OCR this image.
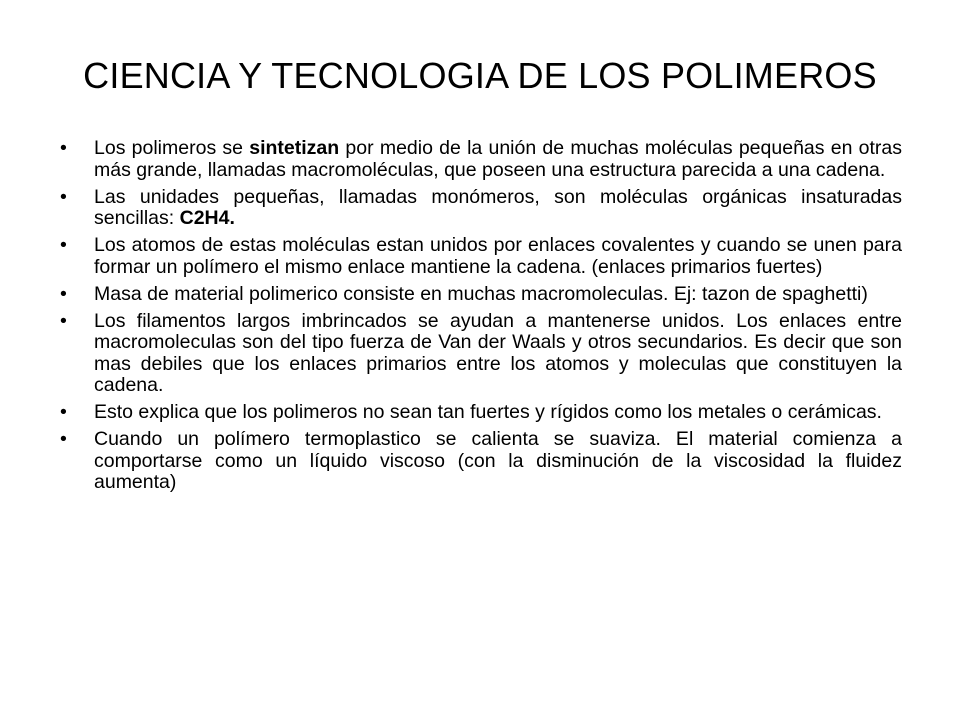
CIENCIA Y TECNOLOGIA DE LOS POLIMEROS
• Los polimeros se sintetizan por medio de la unión de muchas moléculas pequeñas en otras más grande, llamadas macromoléculas, que poseen una estructura parecida a una cadena.
• Las unidades pequeñas, llamadas monómeros, son moléculas orgánicas insaturadas sencillas: C2H4.
• Los atomos de estas moléculas estan unidos por enlaces covalentes y cuando se unen para formar un polímero el mismo enlace mantiene la cadena. (enlaces primarios fuertes)
• Masa de material polimerico consiste en muchas macromoleculas. Ej: tazon de spaghetti)
• Los filamentos largos imbrincados se ayudan a mantenerse unidos. Los enlaces entre macromoleculas son del tipo fuerza de Van der Waals y otros secundarios. Es decir que son mas debiles que los enlaces primarios entre los atomos y moleculas que constituyen la cadena.
• Esto explica que los polimeros no sean tan fuertes y rígidos como los metales o cerámicas.
• Cuando un polímero termoplastico se calienta se suaviza. El material comienza a comportarse como un líquido viscoso (con la disminución de la viscosidad la fluidez aumenta)
